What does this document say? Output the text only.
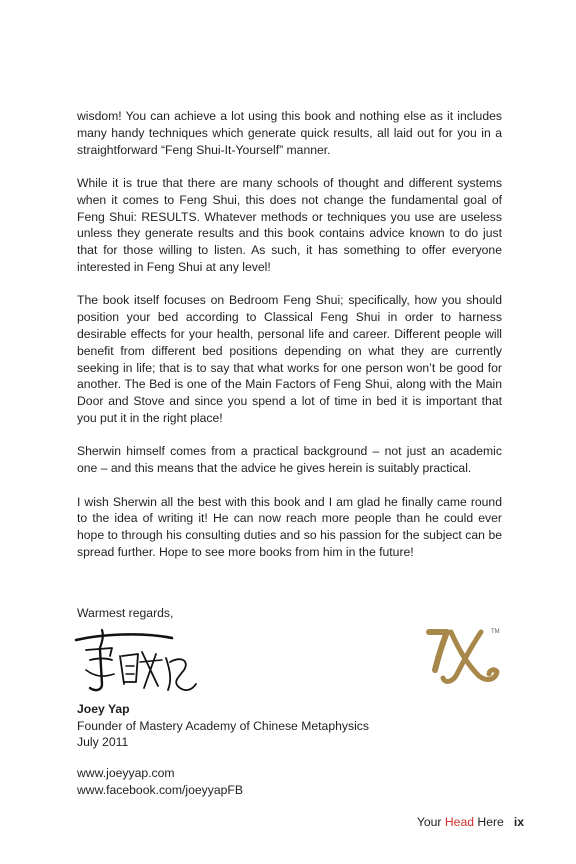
wisdom! You can achieve a lot using this book and nothing else as it includes many handy techniques which generate quick results, all laid out for you in a straightforward “Feng Shui-It-Yourself” manner.

While it is true that there are many schools of thought and different systems when it comes to Feng Shui, this does not change the fundamental goal of Feng Shui: RESULTS. Whatever methods or techniques you use are useless unless they generate results and this book contains advice known to do just that for those willing to listen. As such, it has something to offer everyone interested in Feng Shui at any level!

The book itself focuses on Bedroom Feng Shui; specifically, how you should position your bed according to Classical Feng Shui in order to harness desirable effects for your health, personal life and career. Different people will benefit from different bed positions depending on what they are currently seeking in life; that is to say that what works for one person won’t be good for another. The Bed is one of the Main Factors of Feng Shui, along with the Main Door and Stove and since you spend a lot of time in bed it is important that you put it in the right place!

Sherwin himself comes from a practical background – not just an academic one – and this means that the advice he gives herein is suitably practical.

I wish Sherwin all the best with this book and I am glad he finally came round to the idea of writing it! He can now reach more people than he could ever hope to through his consulting duties and so his passion for the subject can be spread further. Hope to see more books from him in the future!

Warmest regards,
TM
Joey Yap
Founder of Mastery Academy of Chinese Metaphysics
July 2011
www.joeyyap.com
www.facebook.com/joeyyapFB
Your Head Here ix
